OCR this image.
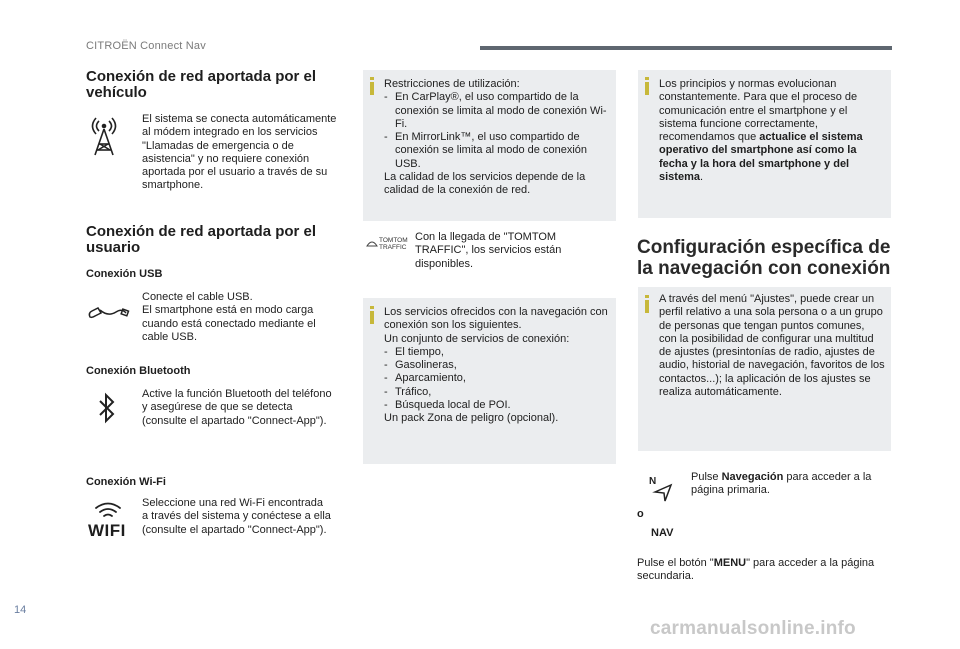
CITROËN Connect Nav
Conexión de red aportada por el
vehículo
El sistema se conecta automáticamente al módem integrado en los servicios "Llamadas de emergencia o de asistencia" y no requiere conexión aportada por el usuario a través de su smartphone.
Conexión de red aportada por el
usuario
Conexión USB
Conecte el cable USB.
El smartphone está en modo carga cuando está conectado mediante el cable USB.
Conexión Bluetooth
Active la función Bluetooth del teléfono y asegúrese de que se detecta (consulte el apartado "Connect-App").
Conexión Wi-Fi
WIFI
Seleccione una red Wi-Fi encontrada a través del sistema y conéctese a ella (consulte el apartado "Connect-App").
Restricciones de utilización:
- En CarPlay®, el uso compartido de la conexión se limita al modo de conexión Wi-Fi.
- En MirrorLink™, el uso compartido de conexión se limita al modo de conexión USB.
La calidad de los servicios depende de la calidad de la conexión de red.
TOMTOM
TRAFFIC
Con la llegada de "TOMTOM TRAFFIC", los servicios están disponibles.
Los servicios ofrecidos con la navegación con conexión son los siguientes.
Un conjunto de servicios de conexión:
- El tiempo,
- Gasolineras,
- Aparcamiento,
- Tráfico,
- Búsqueda local de POI.
Un pack Zona de peligro (opcional).
Los principios y normas evolucionan constantemente. Para que el proceso de comunicación entre el smartphone y el sistema funcione correctamente, recomendamos que actualice el sistema operativo del smartphone así como la fecha y la hora del smartphone y del sistema.
Configuración específica de
la navegación con conexión
A través del menú "Ajustes", puede crear un perfil relativo a una sola persona o a un grupo de personas que tengan puntos comunes, con la posibilidad de configurar una multitud de ajustes (presintonías de radio, ajustes de audio, historial de navegación, favoritos de los contactos...); la aplicación de los ajustes se realiza automáticamente.
N	Pulse Navegación para acceder a la página primaria.
o
NAV
Pulse el botón "MENU" para acceder a la página secundaria.
14
carmanualsonline.info
